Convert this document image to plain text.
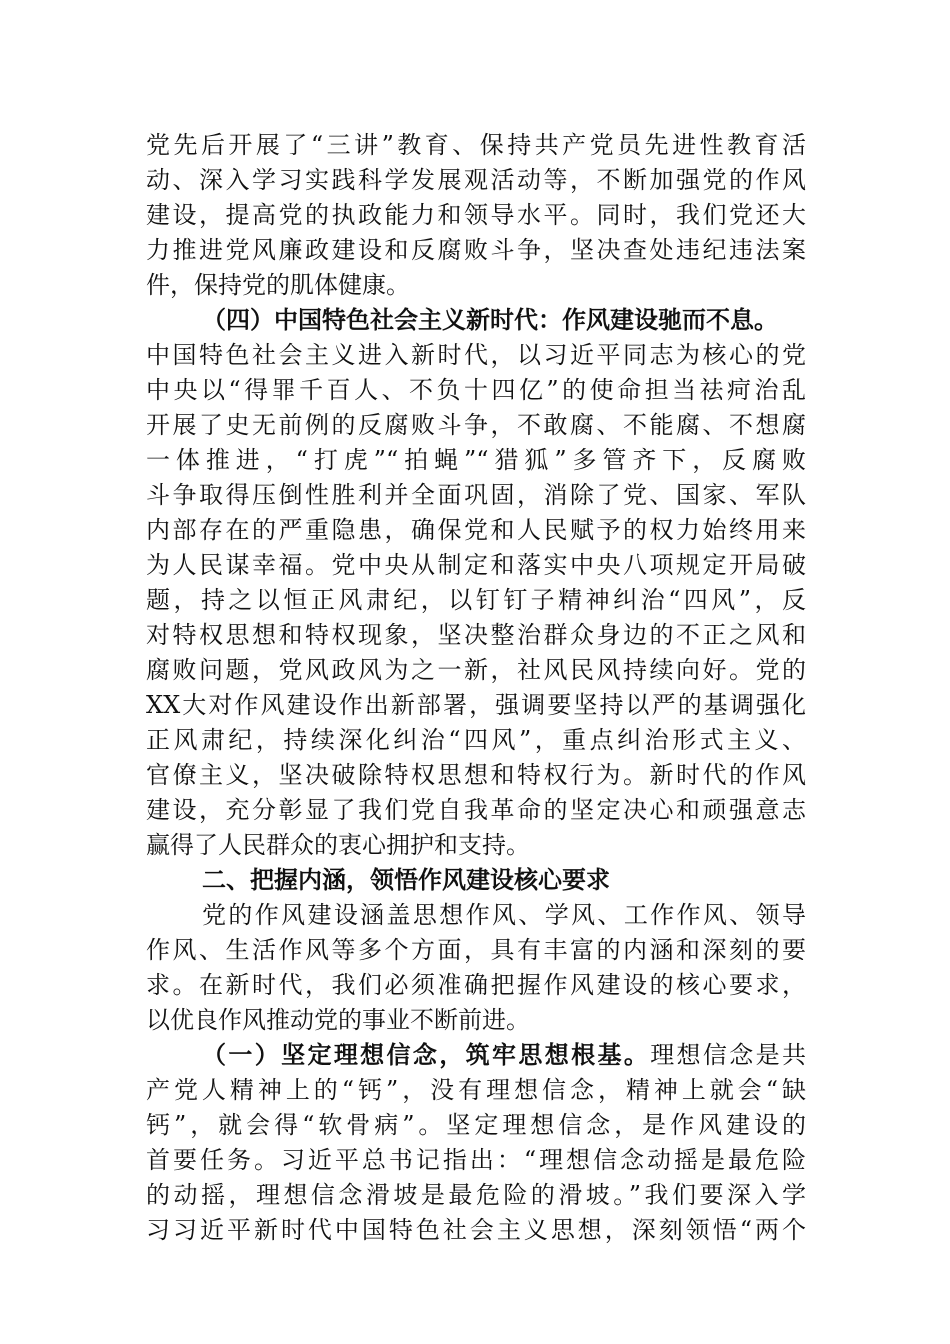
党先后开展了“三讲”教育、保持共产党员先进性教育活

动、深入学习实践科学发展观活动等，不断加强党的作风

建设，提高党的执政能力和领导水平。同时，我们党还大

力推进党风廉政建设和反腐败斗争，坚决查处违纪违法案

件，保持党的肌体健康。

（四）中国特色社会主义新时代：作风建设驰而不息。

中国特色社会主义进入新时代，以习近平同志为核心的党

中央以“得罪千百人、不负十四亿”的使命担当祛疴治乱

开展了史无前例的反腐败斗争，不敢腐、不能腐、不想腐

一体推进，“打虎”“拍蝇”“猎狐”多管齐下，反腐败

斗争取得压倒性胜利并全面巩固，消除了党、国家、军队

内部存在的严重隐患，确保党和人民赋予的权力始终用来

为人民谋幸福。党中央从制定和落实中央八项规定开局破

题，持之以恒正风肃纪，以钉钉子精神纠治“四风”，反

对特权思想和特权现象，坚决整治群众身边的不正之风和

腐败问题，党风政风为之一新，社风民风持续向好。党的

XX大对作风建设作出新部署，强调要坚持以严的基调强化

正风肃纪，持续深化纠治“四风”，重点纠治形式主义、

官僚主义，坚决破除特权思想和特权行为。新时代的作风

建设，充分彰显了我们党自我革命的坚定决心和顽强意志

赢得了人民群众的衷心拥护和支持。

二、把握内涵，领悟作风建设核心要求

党的作风建设涵盖思想作风、学风、工作作风、领导

作风、生活作风等多个方面，具有丰富的内涵和深刻的要

求。在新时代，我们必须准确把握作风建设的核心要求，

以优良作风推动党的事业不断前进。

（一）坚定理想信念，筑牢思想根基。理想信念是共

产党人精神上的“钙”，没有理想信念，精神上就会“缺

钙”，就会得“软骨病”。坚定理想信念，是作风建设的

首要任务。习近平总书记指出：“理想信念动摇是最危险

的动摇，理想信念滑坡是最危险的滑坡。”我们要深入学

习习近平新时代中国特色社会主义思想，深刻领悟“两个
